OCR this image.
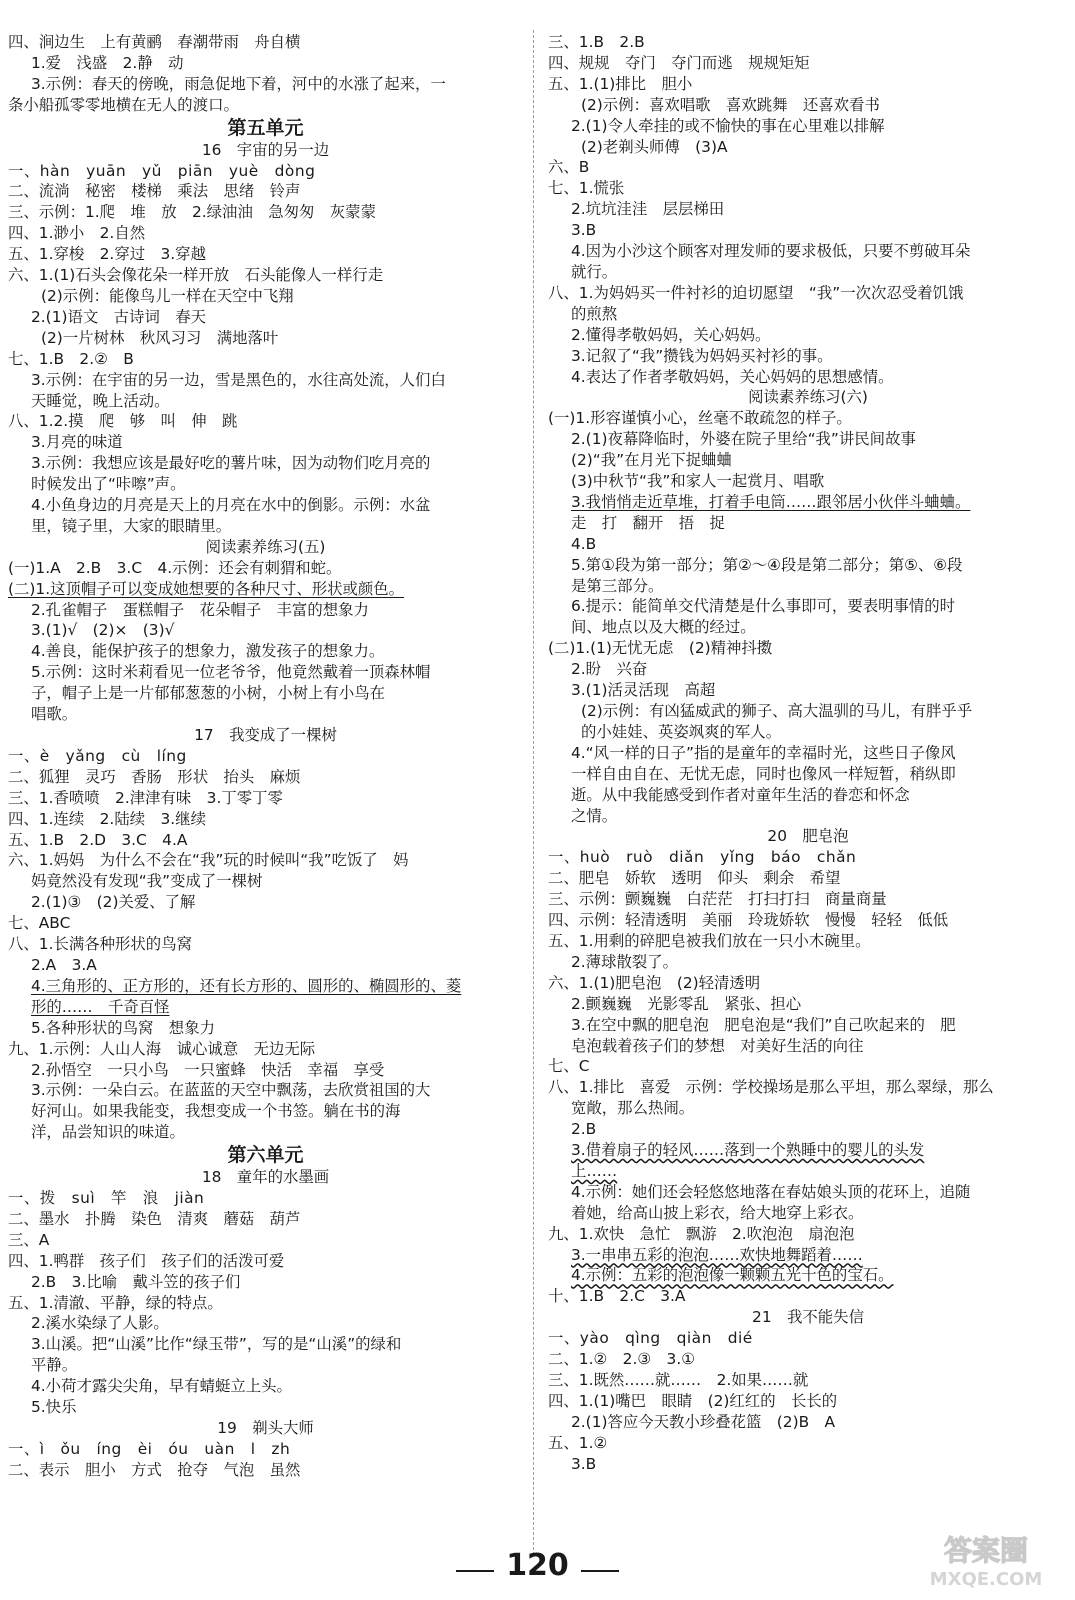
四、涧边生　上有黄鹂　春潮带雨　舟自横
1.爱　浅盛　2.静　动
3.示例：春天的傍晚，雨急促地下着，河中的水涨了起来，一
条小船孤零零地横在无人的渡口。
第五单元
16　宇宙的另一边
一、hàn　yuān　yǔ　piān　yuè　dòng
二、流淌　秘密　楼梯　乘法　思绪　铃声
三、示例：1.爬　堆　放　2.绿油油　急匆匆　灰蒙蒙
四、1.渺小　2.自然
五、1.穿梭　2.穿过　3.穿越
六、1.(1)石头会像花朵一样开放　石头能像人一样行走
(2)示例：能像鸟儿一样在天空中飞翔
2.(1)语文　古诗词　春天
(2)一片树林　秋风习习　满地落叶
七、1.B　2.②　B
3.示例：在宇宙的另一边，雪是黑色的，水往高处流，人们白
天睡觉，晚上活动。
八、1.2.摸　爬　够　叫　伸　跳
3.月亮的味道
3.示例：我想应该是最好吃的薯片味，因为动物们吃月亮的
时候发出了“咔嚓”声。
4.小鱼身边的月亮是天上的月亮在水中的倒影。示例：水盆
里，镜子里，大家的眼睛里。
阅读素养练习(五)
(一)1.A　2.B　3.C　4.示例：还会有刺猬和蛇。
(二)1.这顶帽子可以变成她想要的各种尺寸、形状或颜色。
2.孔雀帽子　蛋糕帽子　花朵帽子　丰富的想象力
3.(1)√　(2)×　(3)√
4.善良，能保护孩子的想象力，激发孩子的想象力。
5.示例：这时米莉看见一位老爷爷，他竟然戴着一顶森林帽
子，帽子上是一片郁郁葱葱的小树，小树上有小鸟在
唱歌。
17　我变成了一棵树
一、è　yǎng　cù　líng
二、狐狸　灵巧　香肠　形状　抬头　麻烦
三、1.香喷喷　2.津津有味　3.丁零丁零
四、1.连续　2.陆续　3.继续
五、1.B　2.D　3.C　4.A
六、1.妈妈　为什么不会在“我”玩的时候叫“我”吃饭了　妈
妈竟然没有发现“我”变成了一棵树
2.(1)③　(2)关爱、了解
七、ABC
八、1.长满各种形状的鸟窝
2.A　3.A
4.三角形的、正方形的，还有长方形的、圆形的、椭圆形的、菱
形的……　千奇百怪
5.各种形状的鸟窝　想象力
九、1.示例：人山人海　诚心诚意　无边无际
2.孙悟空　一只小鸟　一只蜜蜂　快活　幸福　享受
3.示例：一朵白云。在蓝蓝的天空中飘荡，去欣赏祖国的大
好河山。如果我能变，我想变成一个书签。躺在书的海
洋，品尝知识的味道。
第六单元
18　童年的水墨画
一、拨　suì　竿　浪　jiàn
二、墨水　扑腾　染色　清爽　蘑菇　葫芦
三、A
四、1.鸭群　孩子们　孩子们的活泼可爱
2.B　3.比喻　戴斗笠的孩子们
五、1.清澈、平静，绿的特点。
2.溪水染绿了人影。
3.山溪。把“山溪”比作“绿玉带”，写的是“山溪”的绿和
平静。
4.小荷才露尖尖角，早有蜻蜓立上头。
5.快乐
19　剃头大师
一、ì　ǒu　íng　èi　óu　uàn　l　zh
二、表示　胆小　方式　抢夺　气泡　虽然
三、1.B　2.B
四、规规　夺门　夺门而逃　规规矩矩
五、1.(1)排比　胆小
(2)示例：喜欢唱歌　喜欢跳舞　还喜欢看书
2.(1)令人牵挂的或不愉快的事在心里难以排解
(2)老剃头师傅　(3)A
六、B
七、1.慌张
2.坑坑洼洼　层层梯田
3.B
4.因为小沙这个顾客对理发师的要求极低，只要不剪破耳朵
就行。
八、1.为妈妈买一件衬衫的迫切愿望　“我”一次次忍受着饥饿
的煎熬
2.懂得孝敬妈妈，关心妈妈。
3.记叙了“我”攒钱为妈妈买衬衫的事。
4.表达了作者孝敬妈妈，关心妈妈的思想感情。
阅读素养练习(六)
(一)1.形容谨慎小心，丝毫不敢疏忽的样子。
2.(1)夜幕降临时，外婆在院子里给“我”讲民间故事
(2)“我”在月光下捉蛐蛐
(3)中秋节“我”和家人一起赏月、唱歌
3.我悄悄走近草堆，打着手电筒……跟邻居小伙伴斗蛐蛐。
走　打　翻开　捂　捉
4.B
5.第①段为第一部分；第②～④段是第二部分；第⑤、⑥段
是第三部分。
6.提示：能简单交代清楚是什么事即可，要表明事情的时
间、地点以及大概的经过。
(二)1.(1)无忧无虑　(2)精神抖擞
2.盼　兴奋
3.(1)活灵活现　高超
(2)示例：有凶猛威武的狮子、高大温驯的马儿，有胖乎乎
的小娃娃、英姿飒爽的军人。
4.“风一样的日子”指的是童年的幸福时光，这些日子像风
一样自由自在、无忧无虑，同时也像风一样短暂，稍纵即
逝。从中我能感受到作者对童年生活的眷恋和怀念
之情。
20　肥皂泡
一、huò　ruò　diǎn　yǐng　báo　chǎn
二、肥皂　娇软　透明　仰头　剩余　希望
三、示例：颤巍巍　白茫茫　打扫打扫　商量商量
四、示例：轻清透明　美丽　玲珑娇软　慢慢　轻轻　低低
五、1.用剩的碎肥皂被我们放在一只小木碗里。
2.薄球散裂了。
六、1.(1)肥皂泡　(2)轻清透明
2.颤巍巍　光影零乱　紧张、担心
3.在空中飘的肥皂泡　肥皂泡是“我们”自己吹起来的　肥
皂泡载着孩子们的梦想　对美好生活的向往
七、C
八、1.排比　喜爱　示例：学校操场是那么平坦，那么翠绿，那么
宽敞，那么热闹。
2.B
3.借着扇子的轻风……落到一个熟睡中的婴儿的头发
上……
4.示例：她们还会轻悠悠地落在春姑娘头顶的花环上，追随
着她，给高山披上彩衣，给大地穿上彩衣。
九、1.欢快　急忙　飘游　2.吹泡泡　扇泡泡
3.一串串五彩的泡泡……欢快地舞蹈着……
4.示例：五彩的泡泡像一颗颗五光十色的宝石。
十、1.B　2.C　3.A
21　我不能失信
一、yào　qìng　qiàn　dié
二、1.②　2.③　3.①
三、1.既然……就……　2.如果……就
四、1.(1)嘴巴　眼睛　(2)红红的　长长的
2.(1)答应今天教小珍叠花篮　(2)B　A
五、1.②
3.B
120	答案圈
MXQE.COM
